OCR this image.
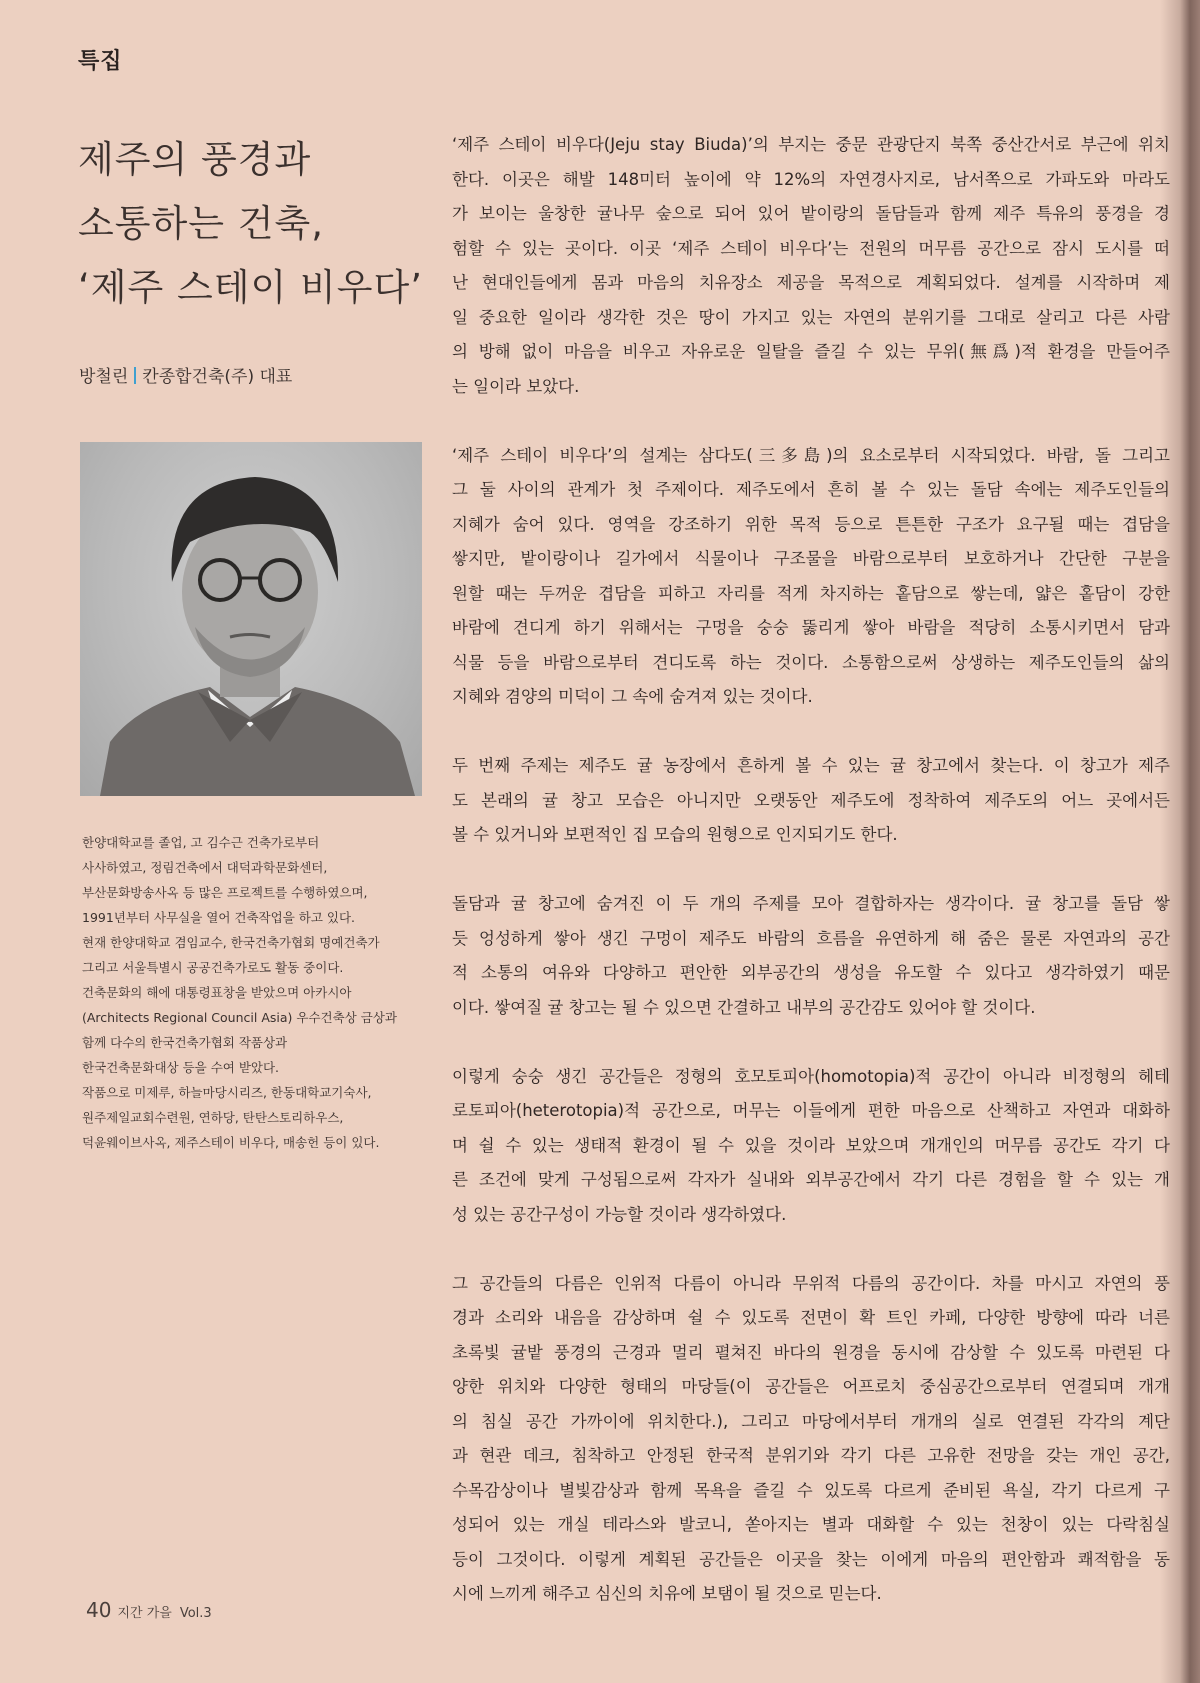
특집
제주의 풍경과
소통하는 건축,
‘제주 스테이 비우다’
방철린 칸종합건축(주) 대표
한양대학교를 졸업, 고 김수근 건축가로부터
사사하였고, 정림건축에서 대덕과학문화센터,
부산문화방송사옥 등 많은 프로젝트를 수행하였으며,
1991년부터 사무실을 열어 건축작업을 하고 있다.
현재 한양대학교 겸임교수, 한국건축가협회 명예건축가
그리고 서울특별시 공공건축가로도 활동 중이다.
건축문화의 해에 대통령표창을 받았으며 아카시아
(Architects Regional Council Asia) 우수건축상 금상과
함께 다수의 한국건축가협회 작품상과
한국건축문화대상 등을 수여 받았다.
작품으로 미제루, 하늘마당시리즈, 한동대학교기숙사,
원주제일교회수련원, 연하당, 탄탄스토리하우스,
덕윤웨이브사옥, 제주스테이 비우다, 매송헌 등이 있다.
‘제주 스테이 비우다(Jeju stay Biuda)’의 부지는 중문 관광단지 북쪽 중산간서로 부근에 위치
한다. 이곳은 해발 148미터 높이에 약 12%의 자연경사지로, 남서쪽으로 가파도와 마라도
가 보이는 울창한 귤나무 숲으로 되어 있어 밭이랑의 돌담들과 함께 제주 특유의 풍경을 경
험할 수 있는 곳이다. 이곳 ‘제주 스테이 비우다’는 전원의 머무름 공간으로 잠시 도시를 떠
난 현대인들에게 몸과 마음의 치유장소 제공을 목적으로 계획되었다. 설계를 시작하며 제
일 중요한 일이라 생각한 것은 땅이 가지고 있는 자연의 분위기를 그대로 살리고 다른 사람
의 방해 없이 마음을 비우고 자유로운 일탈을 즐길 수 있는 무위(無爲)적 환경을 만들어주
는 일이라 보았다.
‘제주 스테이 비우다’의 설계는 삼다도(三多島)의 요소로부터 시작되었다. 바람, 돌 그리고
그 둘 사이의 관계가 첫 주제이다. 제주도에서 흔히 볼 수 있는 돌담 속에는 제주도인들의
지혜가 숨어 있다. 영역을 강조하기 위한 목적 등으로 튼튼한 구조가 요구될 때는 겹담을
쌓지만, 밭이랑이나 길가에서 식물이나 구조물을 바람으로부터 보호하거나 간단한 구분을
원할 때는 두꺼운 겹담을 피하고 자리를 적게 차지하는 홑담으로 쌓는데, 얇은 홑담이 강한
바람에 견디게 하기 위해서는 구멍을 숭숭 뚫리게 쌓아 바람을 적당히 소통시키면서 담과
식물 등을 바람으로부터 견디도록 하는 것이다. 소통함으로써 상생하는 제주도인들의 삶의
지혜와 겸양의 미덕이 그 속에 숨겨져 있는 것이다.
두 번째 주제는 제주도 귤 농장에서 흔하게 볼 수 있는 귤 창고에서 찾는다. 이 창고가 제주
도 본래의 귤 창고 모습은 아니지만 오랫동안 제주도에 정착하여 제주도의 어느 곳에서든
볼 수 있거니와 보편적인 집 모습의 원형으로 인지되기도 한다.
돌담과 귤 창고에 숨겨진 이 두 개의 주제를 모아 결합하자는 생각이다. 귤 창고를 돌담 쌓
듯 엉성하게 쌓아 생긴 구멍이 제주도 바람의 흐름을 유연하게 해 줌은 물론 자연과의 공간
적 소통의 여유와 다양하고 편안한 외부공간의 생성을 유도할 수 있다고 생각하였기 때문
이다. 쌓여질 귤 창고는 될 수 있으면 간결하고 내부의 공간감도 있어야 할 것이다.
이렇게 숭숭 생긴 공간들은 정형의 호모토피아(homotopia)적 공간이 아니라 비정형의 헤테
로토피아(heterotopia)적 공간으로, 머무는 이들에게 편한 마음으로 산책하고 자연과 대화하
며 쉴 수 있는 생태적 환경이 될 수 있을 것이라 보았으며 개개인의 머무름 공간도 각기 다
른 조건에 맞게 구성됨으로써 각자가 실내와 외부공간에서 각기 다른 경험을 할 수 있는 개
성 있는 공간구성이 가능할 것이라 생각하였다.
그 공간들의 다름은 인위적 다름이 아니라 무위적 다름의 공간이다. 차를 마시고 자연의 풍
경과 소리와 내음을 감상하며 쉴 수 있도록 전면이 확 트인 카페, 다양한 방향에 따라 너른
초록빛 귤밭 풍경의 근경과 멀리 펼쳐진 바다의 원경을 동시에 감상할 수 있도록 마련된 다
양한 위치와 다양한 형태의 마당들(이 공간들은 어프로치 중심공간으로부터 연결되며 개개
의 침실 공간 가까이에 위치한다.), 그리고 마당에서부터 개개의 실로 연결된 각각의 계단
과 현관 데크, 침착하고 안정된 한국적 분위기와 각기 다른 고유한 전망을 갖는 개인 공간,
수목감상이나 별빛감상과 함께 목욕을 즐길 수 있도록 다르게 준비된 욕실, 각기 다르게 구
성되어 있는 개실 테라스와 발코니, 쏟아지는 별과 대화할 수 있는 천창이 있는 다락침실
등이 그것이다. 이렇게 계획된 공간들은 이곳을 찾는 이에게 마음의 편안함과 쾌적함을 동
시에 느끼게 해주고 심신의 치유에 보탬이 될 것으로 믿는다.
40 지간 가을 Vol.3
